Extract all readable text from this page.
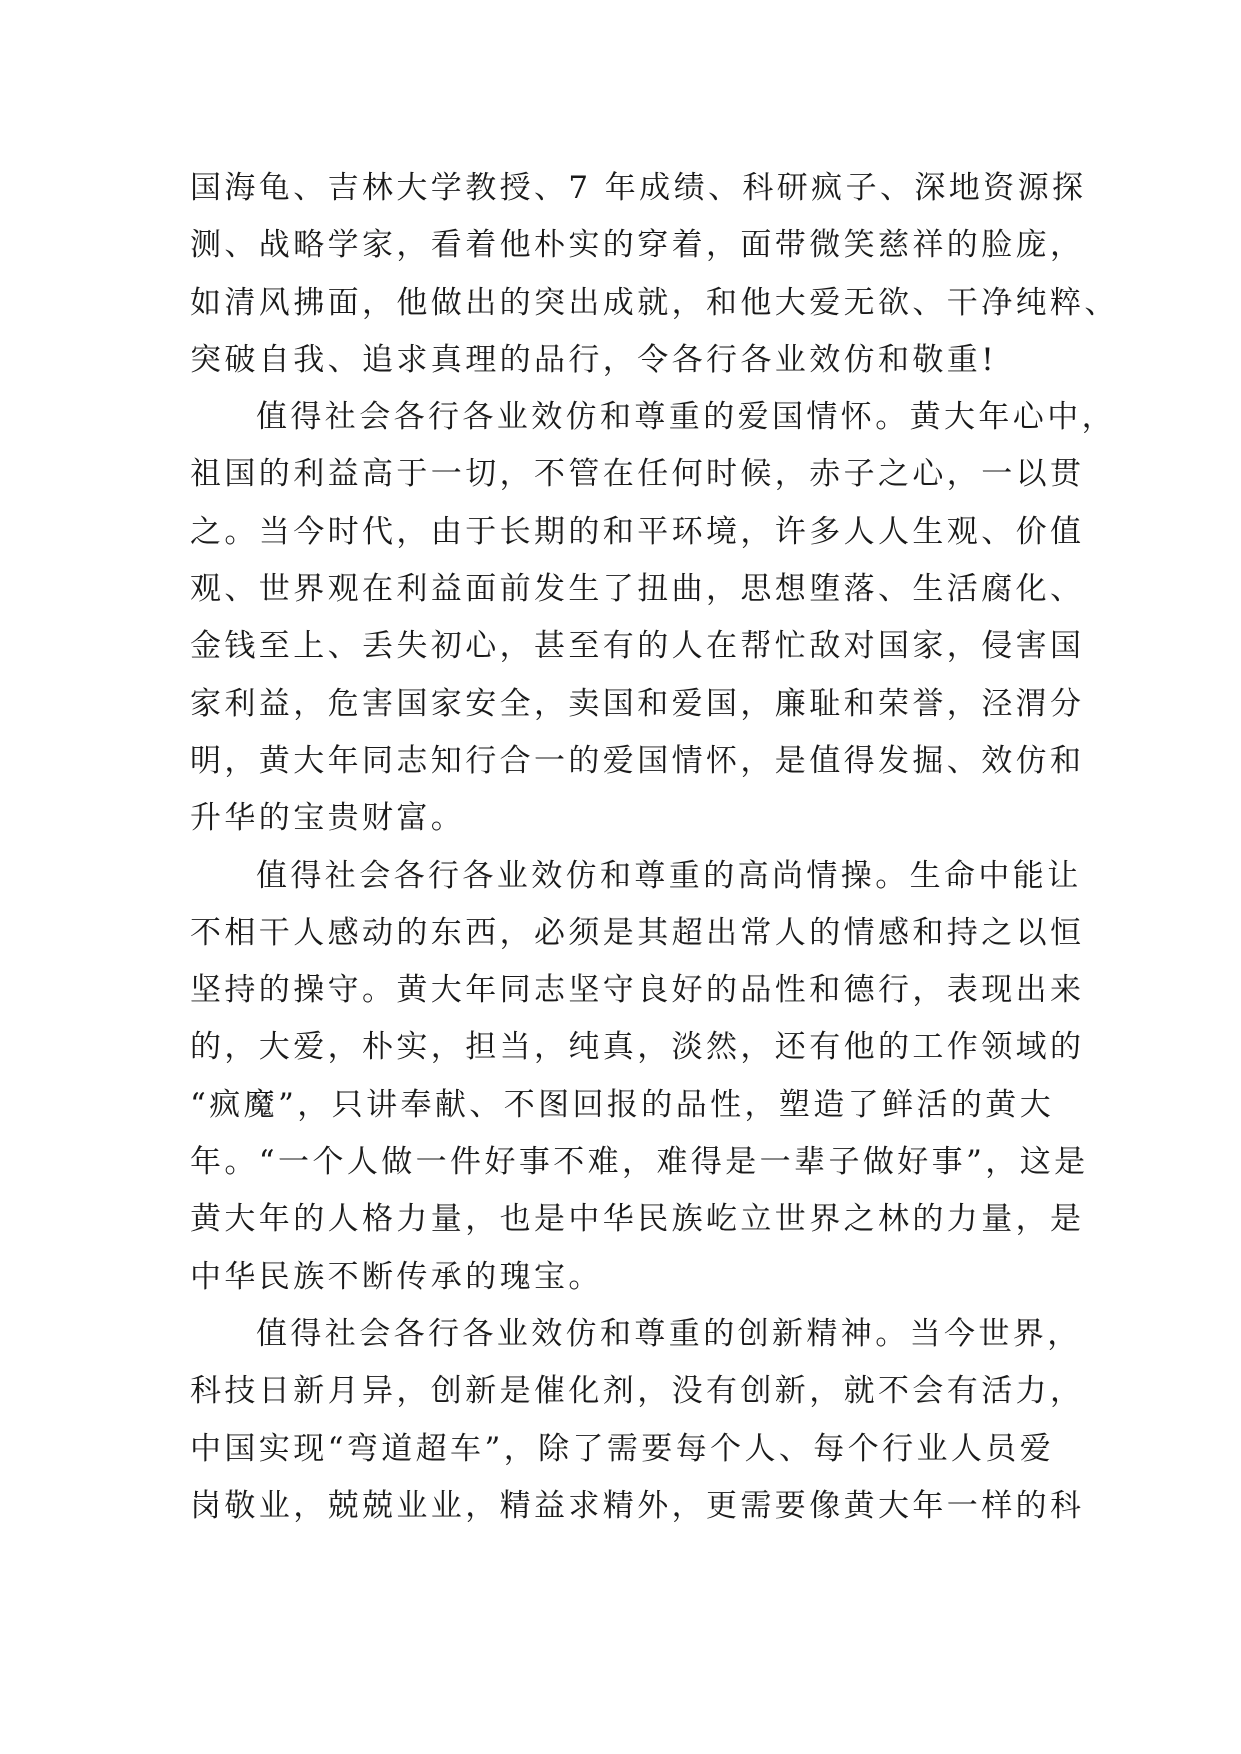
国海龟、吉林大学教授、7 年成绩、科研疯子、深地资源探
测、战略学家，看着他朴实的穿着，面带微笑慈祥的脸庞，
如清风拂面，他做出的突出成就，和他大爱无欲、干净纯粹、
突破自我、追求真理的品行，令各行各业效仿和敬重!
值得社会各行各业效仿和尊重的爱国情怀。黄大年心中，
祖国的利益高于一切，不管在任何时候，赤子之心，一以贯
之。当今时代，由于长期的和平环境，许多人人生观、价值
观、世界观在利益面前发生了扭曲，思想堕落、生活腐化、
金钱至上、丢失初心，甚至有的人在帮忙敌对国家，侵害国
家利益，危害国家安全，卖国和爱国，廉耻和荣誉，泾渭分
明，黄大年同志知行合一的爱国情怀，是值得发掘、效仿和
升华的宝贵财富。
值得社会各行各业效仿和尊重的高尚情操。生命中能让
不相干人感动的东西，必须是其超出常人的情感和持之以恒
坚持的操守。黄大年同志坚守良好的品性和德行，表现出来
的，大爱，朴实，担当，纯真，淡然，还有他的工作领域的
“疯魔”，只讲奉献、不图回报的品性，塑造了鲜活的黄大
年。“一个人做一件好事不难，难得是一辈子做好事”，这是
黄大年的人格力量，也是中华民族屹立世界之林的力量，是
中华民族不断传承的瑰宝。
值得社会各行各业效仿和尊重的创新精神。当今世界，
科技日新月异，创新是催化剂，没有创新，就不会有活力，
中国实现“弯道超车”，除了需要每个人、每个行业人员爱
岗敬业，兢兢业业，精益求精外，更需要像黄大年一样的科
